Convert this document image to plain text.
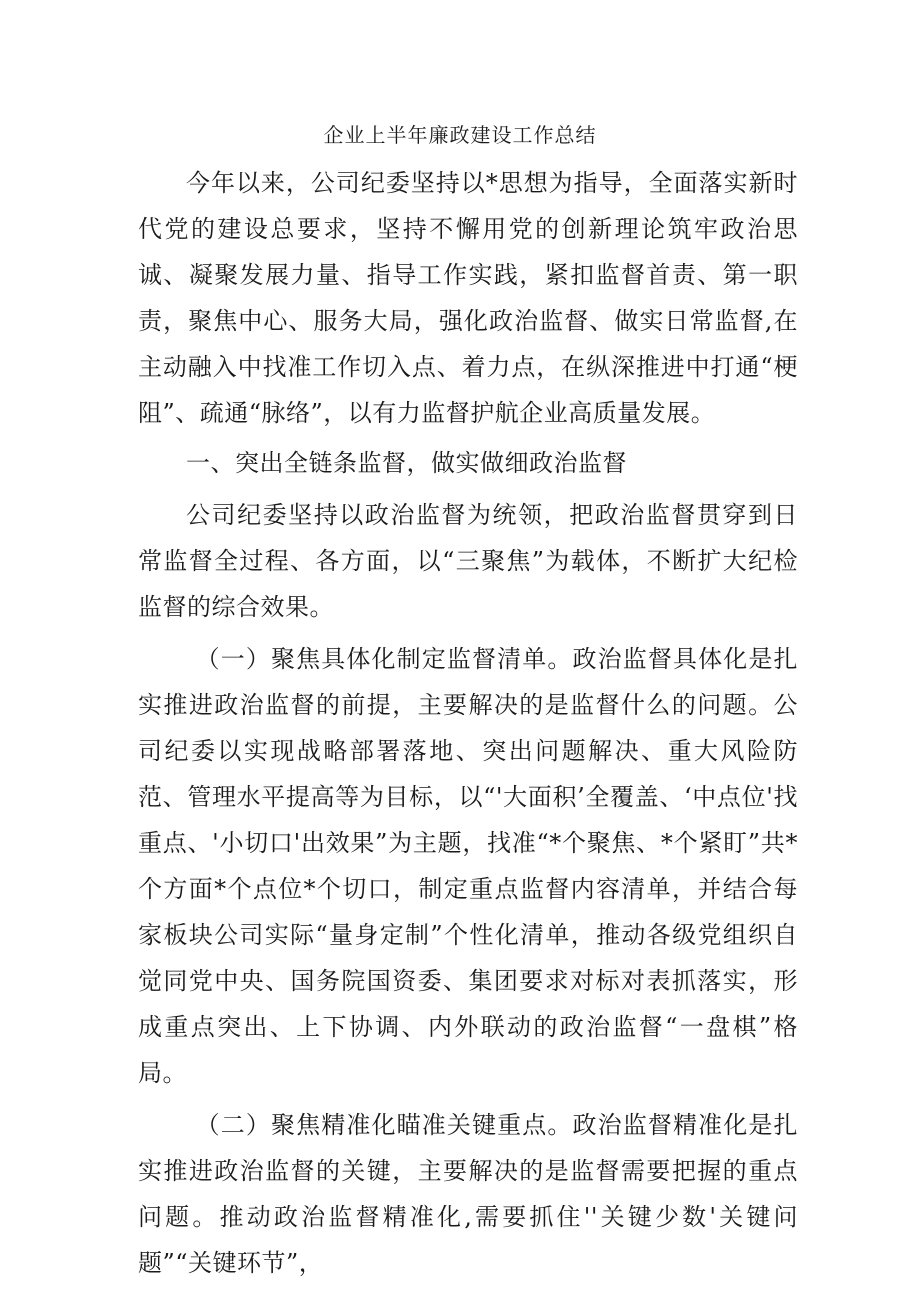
企业上半年廉政建设工作总结

今年以来，公司纪委坚持以*思想为指导，全面落实新时代党的建设总要求，坚持不懈用党的创新理论筑牢政治思诚、凝聚发展力量、指导工作实践，紧扣监督首责、第一职责，聚焦中心、服务大局，强化政治监督、做实日常监督,在主动融入中找准工作切入点、着力点，在纵深推进中打通“梗阻”、疏通“脉络”，以有力监督护航企业高质量发展。

一、突出全链条监督，做实做细政治监督

公司纪委坚持以政治监督为统领，把政治监督贯穿到日常监督全过程、各方面，以“三聚焦”为载体，不断扩大纪检监督的综合效果。

（一）聚焦具体化制定监督清单。政治监督具体化是扎实推进政治监督的前提，主要解决的是监督什么的问题。公司纪委以实现战略部署落地、突出问题解决、重大风险防范、管理水平提高等为目标，以“'大面积’全覆盖、‘中点位'找重点、'小切口'出效果”为主题，找准“*个聚焦、*个紧盯”共*个方面*个点位*个切口，制定重点监督内容清单，并结合每家板块公司实际“量身定制”个性化清单，推动各级党组织自觉同党中央、国务院国资委、集团要求对标对表抓落实，形成重点突出、上下协调、内外联动的政治监督“一盘棋”格局。

（二）聚焦精准化瞄准关键重点。政治监督精准化是扎实推进政治监督的关键，主要解决的是监督需要把握的重点问题。推动政治监督精准化,需要抓住''关键少数'关键问题”“关键环节”，
